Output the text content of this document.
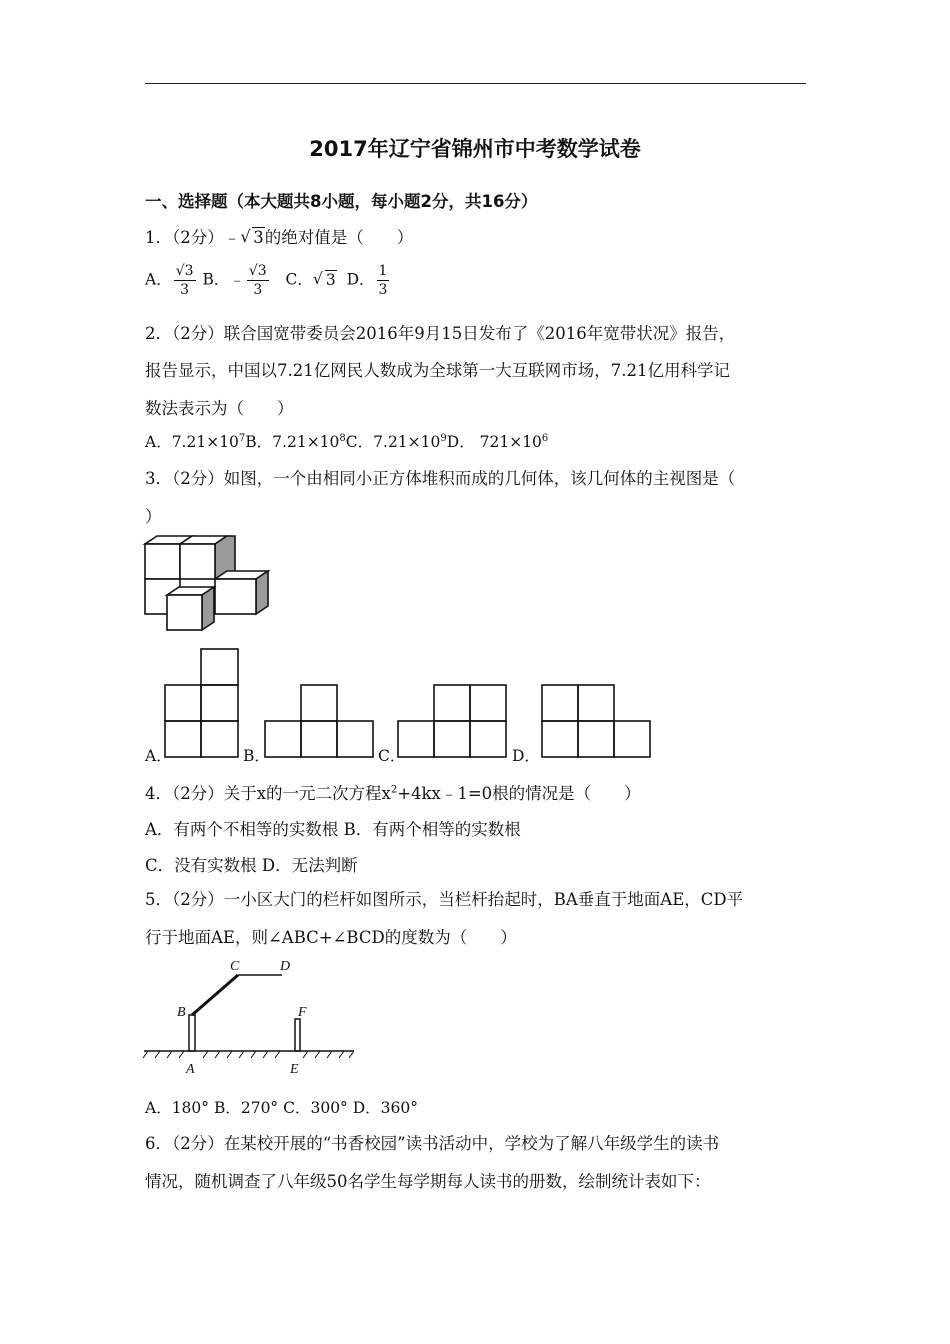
2017年辽宁省锦州市中考数学试卷
一、选择题（本大题共8小题，每小题2分，共16分）
1．（2分）﹣ √ 3的绝对值是（　　）
A． $\frac{√3}{3}$ B．﹣ $\frac{√3}{3}$ C． √ 3 D． $\frac{1}{3}$
2．（2分）联合国宽带委员会2016年9月15日发布了《2016年宽带状况》报告，
报告显示，中国以7.21亿网民人数成为全球第一大互联网市场，7.21亿用科学记
数法表示为（　　）
A．$7.21\times 10^7B$．$7.21\times 10^8C$．$7.21\times 10^9D$． $721\times 10^6$
3．（2分）如图，一个由相同小正方体堆积而成的几何体，该几何体的主视图是（
）
A．	B．	C．	D．
4．（2分）关于x的一元二次方程$x^2+4kx﹣1=0$根的情况是（　　）
A．有两个不相等的实数根 B．有两个相等的实数根
C．没有实数根 D．无法判断
5．（2分）一小区大门的栏杆如图所示，当栏杆抬起时，BA垂直于地面AE，CD平
行于地面AE，则∠ABC+∠BCD的度数为（　　）
A
B
C	D
E
F
A．180° B．270° C．300° D．360°
6．（2分）在某校开展的“书香校园”读书活动中，学校为了解八年级学生的读书
情况，随机调查了八年级50名学生每学期每人读书的册数，绘制统计表如下：
